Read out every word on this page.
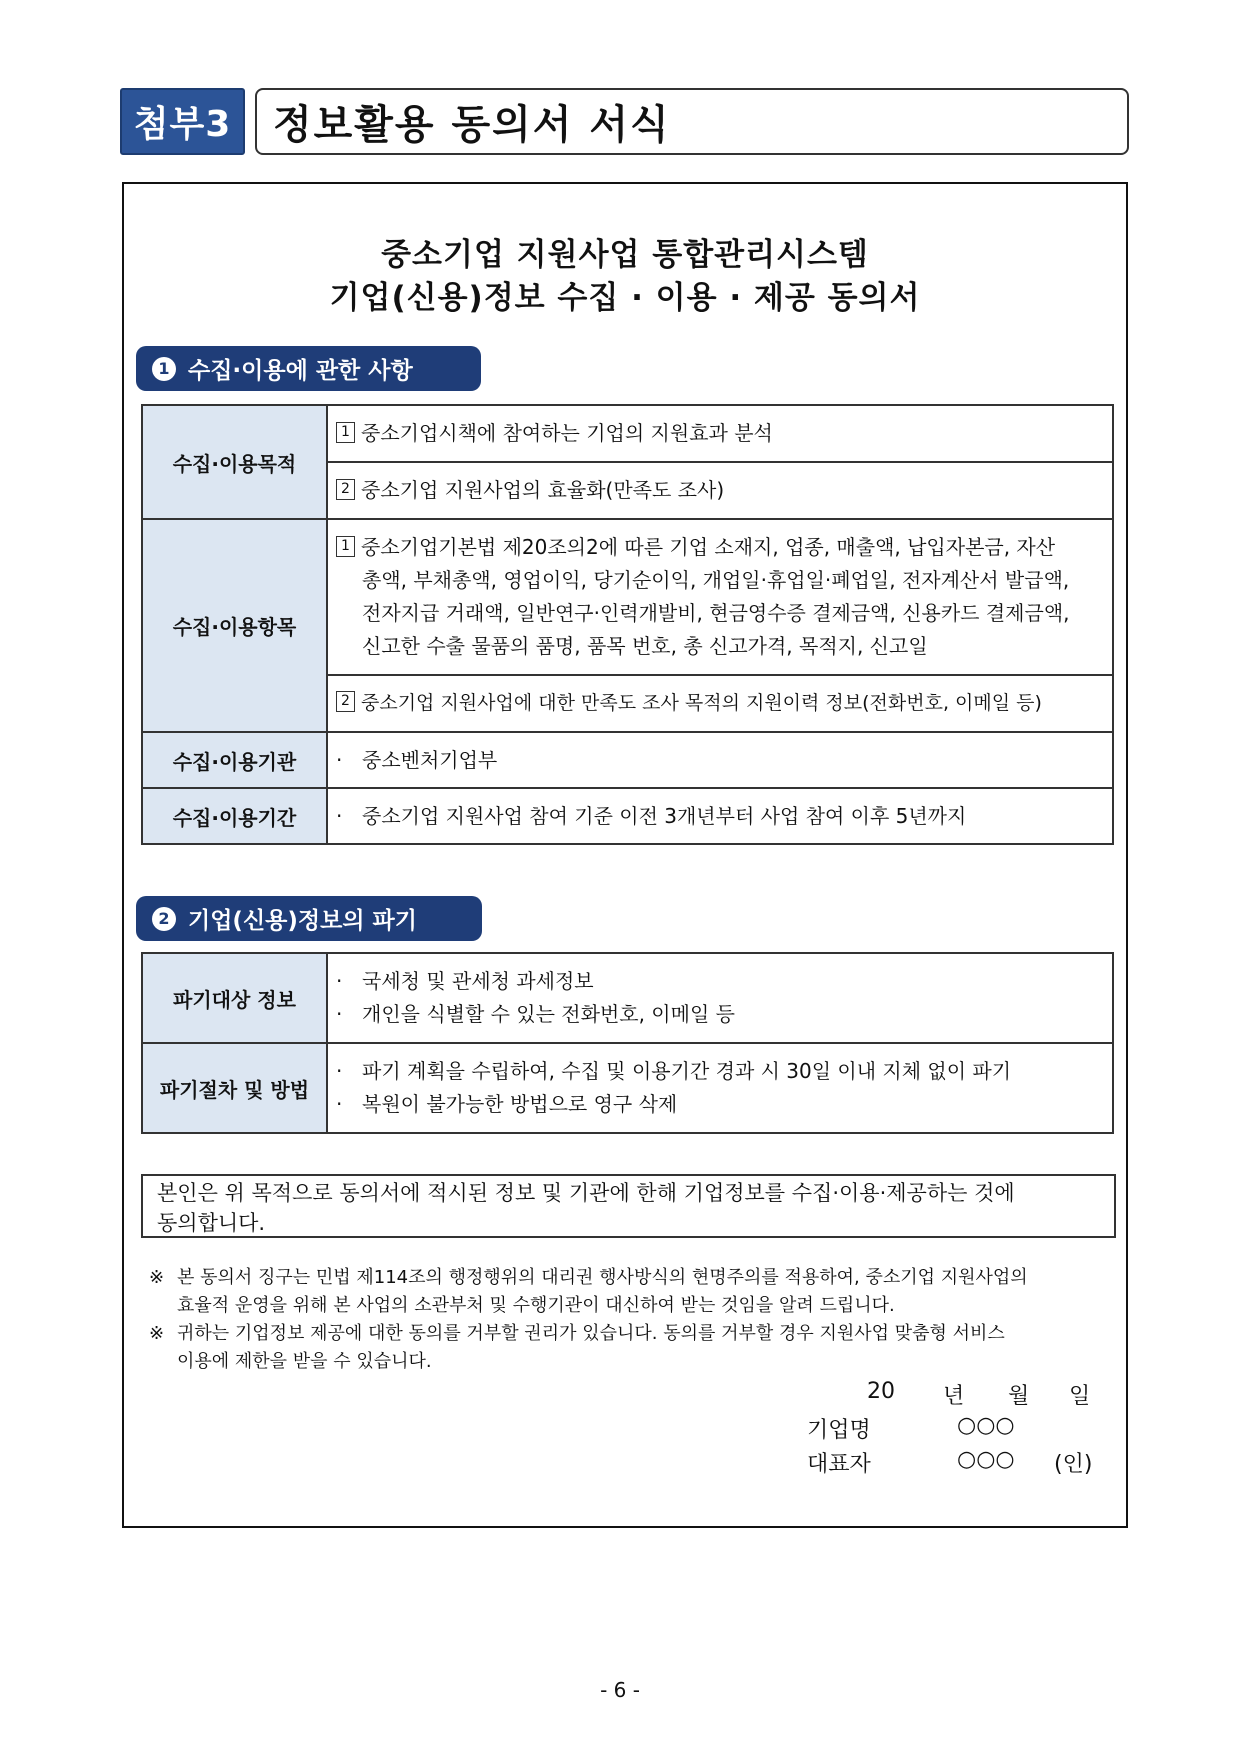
첨부3	정보활용 동의서 서식
중소기업 지원사업 통합관리시스템
기업(신용)정보 수집 · 이용 · 제공 동의서
1 수집·이용에 관한 사항
수집·이용목적	1 중소기업시책에 참여하는 기업의 지원효과 분석
	2 중소기업 지원사업의 효율화(만족도 조사)
수집·이용항목	1 중소기업기본법 제20조의2에 따른 기업 소재지, 업종, 매출액, 납입자본금, 자산
총액, 부채총액, 영업이익, 당기순이익, 개업일·휴업일·폐업일, 전자계산서 발급액,
전자지급 거래액, 일반연구·인력개발비, 현금영수증 결제금액, 신용카드 결제금액,
신고한 수출 물품의 품명, 품목 번호, 총 신고가격, 목적지, 신고일

	2 중소기업 지원사업에 대한 만족도 조사 목적의 지원이력 정보(전화번호, 이메일 등)
수집·이용기관	· 중소벤처기업부
수집·이용기간	· 중소기업 지원사업 참여 기준 이전 3개년부터 사업 참여 이후 5년까지
2 기업(신용)정보의 파기
파기대상 정보	· 국세청 및 관세청 과세정보
· 개인을 식별할 수 있는 전화번호, 이메일 등

파기절차 및 방법	· 파기 계획을 수립하여, 수집 및 이용기간 경과 시 30일 이내 지체 없이 파기
· 복원이 불가능한 방법으로 영구 삭제
본인은 위 목적으로 동의서에 적시된 정보 및 기관에 한해 기업정보를 수집·이용·제공하는 것에
동의합니다.
※ 본 동의서 징구는 민법 제114조의 행정행위의 대리권 행사방식의 현명주의를 적용하여, 중소기업 지원사업의
효율적 운영을 위해 본 사업의 소관부처 및 수행기관이 대신하여 받는 것임을 알려 드립니다.
※ 귀하는 기업정보 제공에 대한 동의를 거부할 권리가 있습니다. 동의를 거부할 경우 지원사업 맞춤형 서비스
이용에 제한을 받을 수 있습니다.
20 년 월 일
기업명	○○○
대표자	○○○ (인)
- 6 -
